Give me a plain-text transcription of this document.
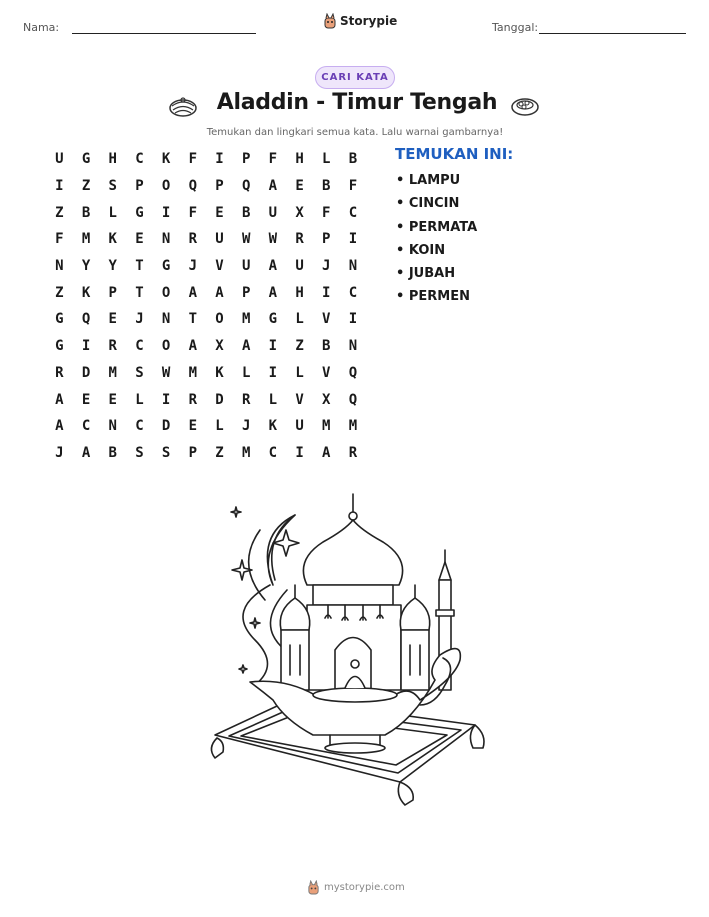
Nama:	Storypie	Tanggal:
CARI KATA
Aladdin - Timur Tengah
Temukan dan lingkari semua kata. Lalu warnai gambarnya!
U	G	H	C	K	F	I	P	F	H	L	B
I	Z	S	P	O	Q	P	Q	A	E	B	F
Z	B	L	G	I	F	E	B	U	X	F	C
F	M	K	E	N	R	U	W	W	R	P	I
N	Y	Y	T	G	J	V	U	A	U	J	N
Z	K	P	T	O	A	A	P	A	H	I	C
G	Q	E	J	N	T	O	M	G	L	V	I
G	I	R	C	O	A	X	A	I	Z	B	N
R	D	M	S	W	M	K	L	I	L	V	Q
A	E	E	L	I	R	D	R	L	V	X	Q
A	C	N	C	D	E	L	J	K	U	M	M
J	A	B	S	S	P	Z	M	C	I	A	R
TEMUKAN INI:
• LAMPU
• CINCIN
• PERMATA
• KOIN
• JUBAH
• PERMEN
mystorypie.com
